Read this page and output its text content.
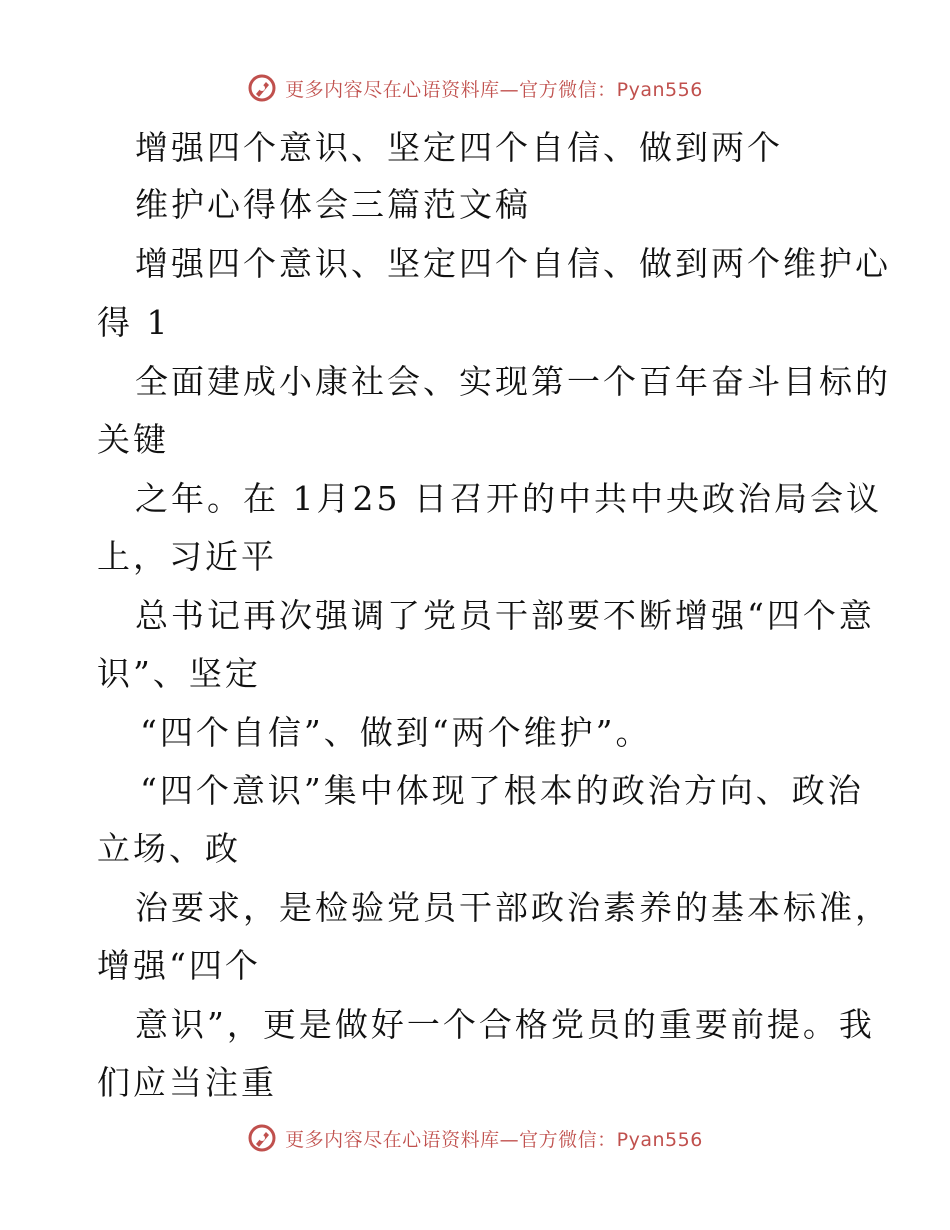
更多内容尽在心语资料库—官方微信：Pyan556
增强四个意识、坚定四个自信、做到两个
维护心得体会三篇范文稿
增强四个意识、坚定四个自信、做到两个维护心
得 1
全面建成小康社会、实现第一个百年奋斗目标的
关键
之年。在 1月25 日召开的中共中央政治局会议
上，习近平
总书记再次强调了党员干部要不断增强“四个意
识”、坚定
“四个自信”、做到“两个维护”。
“四个意识”集中体现了根本的政治方向、政治
立场、政
治要求，是检验党员干部政治素养的基本标准，
增强“四个
意识”，更是做好一个合格党员的重要前提。我
们应当注重
更多内容尽在心语资料库—官方微信：Pyan556
